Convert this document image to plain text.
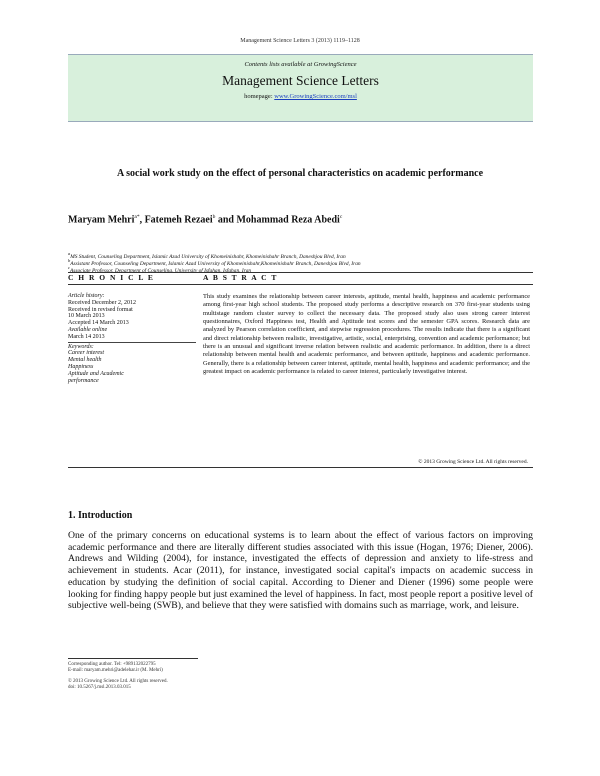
Management Science Letters 3 (2013) 1119–1128
Contents lists available at GrowingScience
Management Science Letters
homepage: www.GrowingScience.com/msl
A social work study on the effect of personal characteristics on academic performance
Maryam Mehri$^{a*}$, Fatemeh Rezaei$^b$ and Mohammad Reza Abedi$^c$
$^a$MS Student, Counseling Department, Islamic Azad University of Khomeinishahr, Khomeinishahr Branch, Daneshjou Blvd, Iran
$^b$Assistant Professor, Counseling Department, Islamic Azad University of Khomeinishahr,Khomeinishahr Branch, Daneshjou Blvd, Iran
$^c$Associate Professor, Department of Counseling, University of Isfahan, Isfahan, Iran
C H R O N I C L E	A B S T R A C T
Article history:
Received December 2, 2012
Received in revised format
10 March 2013
Accepted 14 March 2013
Available online
March 14 2013
Keywords:
Career interest
Mental health
Happiness
Aptitude and Academic
performance
This study examines the relationship between career interests, aptitude, mental health, happiness and academic performance among first-year high school students. The proposed study performs a descriptive research on 370 first-year students using multistage random cluster survey to collect the necessary data. The proposed study also uses strong career interest questionnaires, Oxford Happiness test, Health and Aptitude test scores and the semester GPA scores. Research data are analyzed by Pearson correlation coefficient, and stepwise regression procedures. The results indicate that there is a significant and direct relationship between realistic, investigative, artistic, social, enterprising, convention and academic performance; but there is an unusual and significant inverse relation between realistic and academic performance. In addition, there is a direct relationship between mental health and academic performance, and between aptitude, happiness and academic performance. Generally, there is a relationship between career interest, aptitude, mental health, happiness and academic performance; and the greatest impact on academic performance is related to career interest, particularly investigative interest.
© 2013 Growing Science Ltd. All rights reserved.
1. Introduction
One of the primary concerns on educational systems is to learn about the effect of various factors on improving academic performance and there are literally different studies associated with this issue (Hogan, 1976; Diener, 2006). Andrews and Wilding (2004), for instance, investigated the effects of depression and anxiety to life-stress and achievement in students. Acar (2011), for instance, investigated social capital's impacts on academic success in education by studying the definition of social capital. According to Diener and Diener (1996) some people were looking for finding happy people but just examined the level of happiness. In fact, most people report a positive level of subjective well-being (SWB), and believe that they were satisfied with domains such as marriage, work, and leisure.
Corresponding author. Tel: +989132022795
E-mail: maryam.mehri@adelehar.ir (M. Mehri)
© 2013 Growing Science Ltd. All rights reserved.
doi: 10.5267/j.msl.2013.03.015
